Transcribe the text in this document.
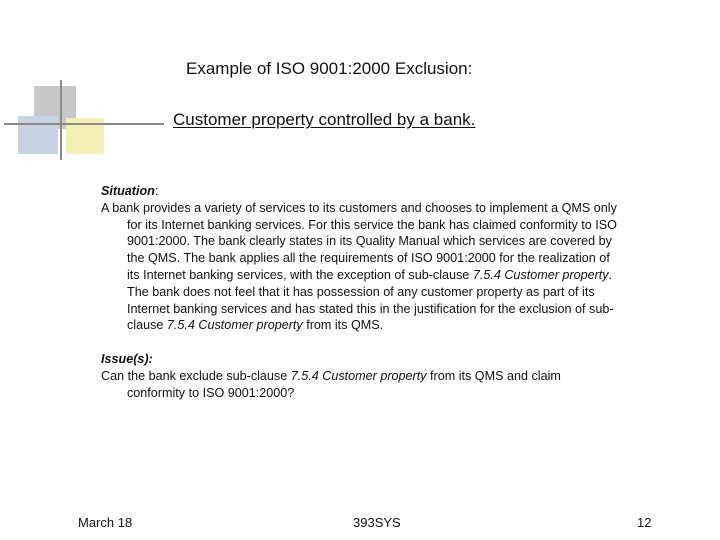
Example of ISO 9001:2000 Exclusion:
Customer property controlled by a bank.
Situation:

A bank provides a variety of services to its customers and chooses to implement a QMS only for its Internet banking services. For this service the bank has claimed conformity to ISO 9001:2000. The bank clearly states in its Quality Manual which services are covered by the QMS. The bank applies all the requirements of ISO 9001:2000 for the realization of its Internet banking services, with the exception of sub-clause 7.5.4 Customer property. The bank does not feel that it has possession of any customer property as part of its Internet banking services and has stated this in the justification for the exclusion of sub-clause 7.5.4 Customer property from its QMS.

Issue(s):

Can the bank exclude sub-clause 7.5.4 Customer property from its QMS and claim conformity to ISO 9001:2000?

March 18	393SYS	12
